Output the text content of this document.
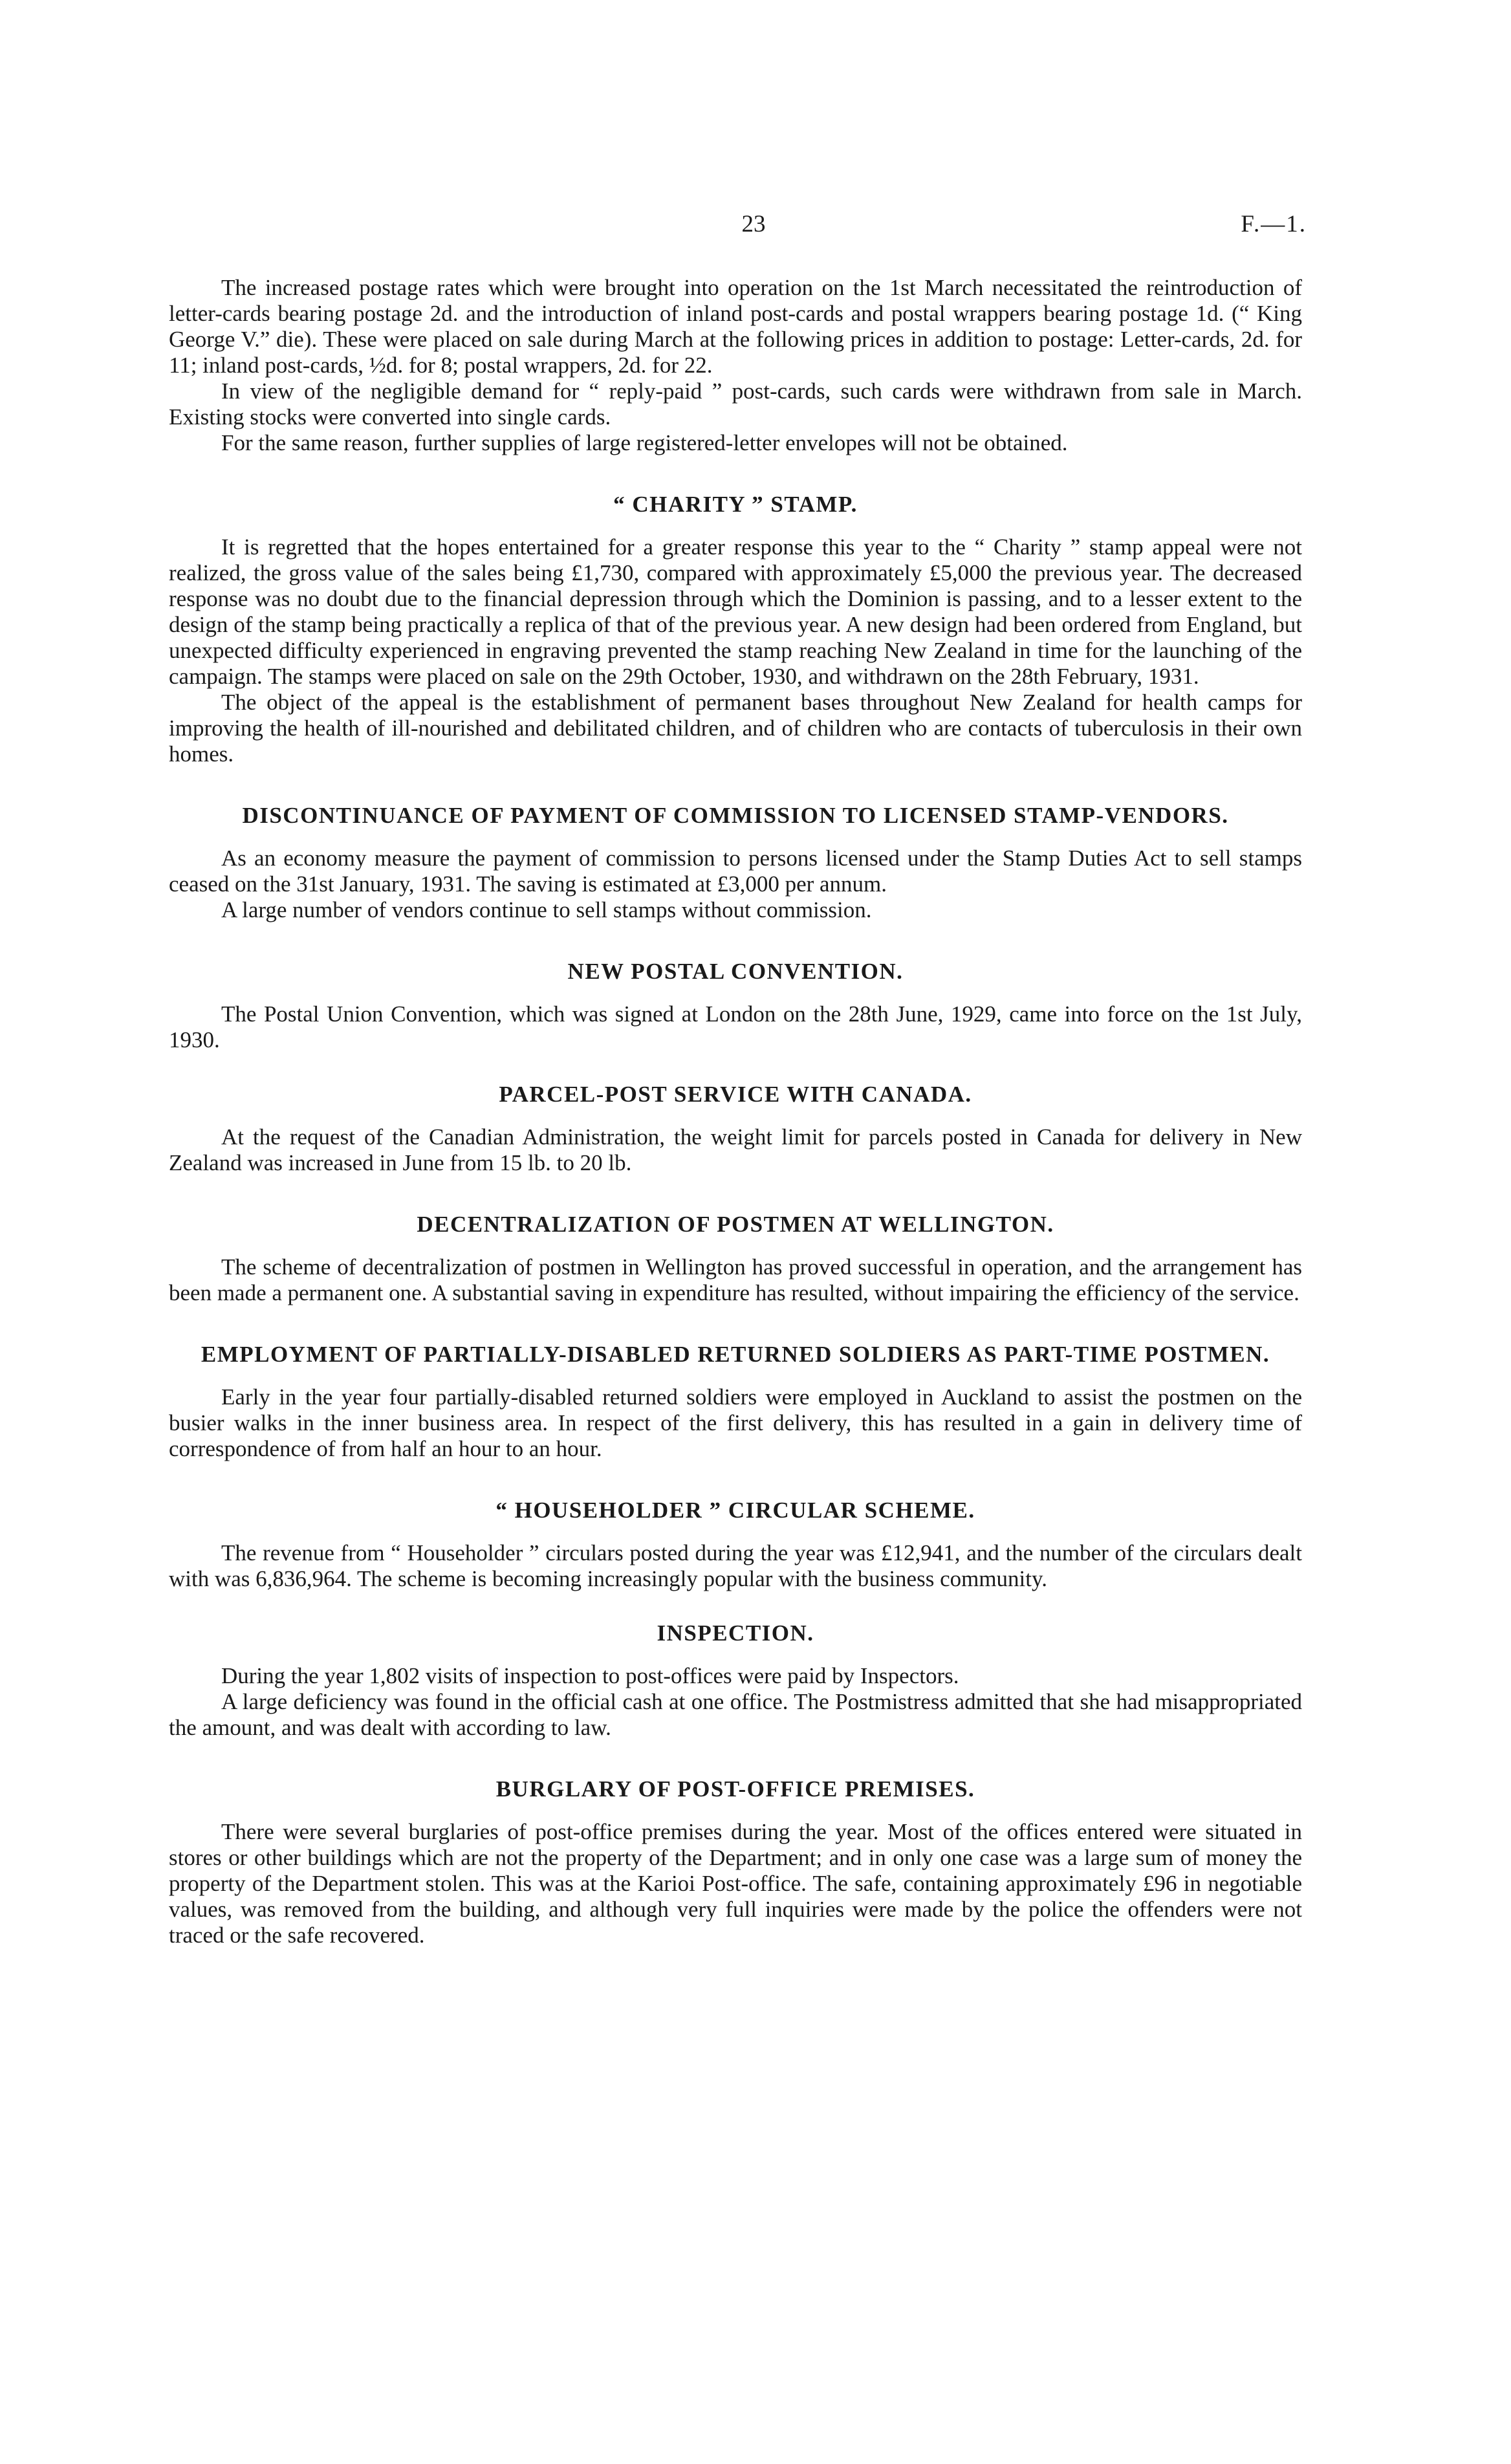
23	F.—1.

The increased postage rates which were brought into operation on the 1st March necessitated the reintroduction of letter-cards bearing postage 2d. and the introduction of inland post-cards and postal wrappers bearing postage 1d. (“ King George V.” die). These were placed on sale during March at the following prices in addition to postage: Letter-cards, 2d. for 11; inland post-cards, ½d. for 8; postal wrappers, 2d. for 22.

In view of the negligible demand for “ reply-paid ” post-cards, such cards were withdrawn from sale in March. Existing stocks were converted into single cards.

For the same reason, further supplies of large registered-letter envelopes will not be obtained.

“ CHARITY ” STAMP.

It is regretted that the hopes entertained for a greater response this year to the “ Charity ” stamp appeal were not realized, the gross value of the sales being £1,730, compared with approximately £5,000 the previous year. The decreased response was no doubt due to the financial depression through which the Dominion is passing, and to a lesser extent to the design of the stamp being practically a replica of that of the previous year. A new design had been ordered from England, but unexpected difficulty experienced in engraving prevented the stamp reaching New Zealand in time for the launching of the campaign. The stamps were placed on sale on the 29th October, 1930, and withdrawn on the 28th February, 1931.

The object of the appeal is the establishment of permanent bases throughout New Zealand for health camps for improving the health of ill-nourished and debilitated children, and of children who are contacts of tuberculosis in their own homes.

DISCONTINUANCE OF PAYMENT OF COMMISSION TO LICENSED STAMP-VENDORS.

As an economy measure the payment of commission to persons licensed under the Stamp Duties Act to sell stamps ceased on the 31st January, 1931. The saving is estimated at £3,000 per annum.

A large number of vendors continue to sell stamps without commission.

NEW POSTAL CONVENTION.

The Postal Union Convention, which was signed at London on the 28th June, 1929, came into force on the 1st July, 1930.

PARCEL-POST SERVICE WITH CANADA.

At the request of the Canadian Administration, the weight limit for parcels posted in Canada for delivery in New Zealand was increased in June from 15 lb. to 20 lb.

DECENTRALIZATION OF POSTMEN AT WELLINGTON.

The scheme of decentralization of postmen in Wellington has proved successful in operation, and the arrangement has been made a permanent one. A substantial saving in expenditure has resulted, without impairing the efficiency of the service.

EMPLOYMENT OF PARTIALLY-DISABLED RETURNED SOLDIERS AS PART-TIME POSTMEN.

Early in the year four partially-disabled returned soldiers were employed in Auckland to assist the postmen on the busier walks in the inner business area. In respect of the first delivery, this has resulted in a gain in delivery time of correspondence of from half an hour to an hour.

“ HOUSEHOLDER ” CIRCULAR SCHEME.

The revenue from “ Householder ” circulars posted during the year was £12,941, and the number of the circulars dealt with was 6,836,964. The scheme is becoming increasingly popular with the business community.

INSPECTION.

During the year 1,802 visits of inspection to post-offices were paid by Inspectors.

A large deficiency was found in the official cash at one office. The Postmistress admitted that she had misappropriated the amount, and was dealt with according to law.

BURGLARY OF POST-OFFICE PREMISES.

There were several burglaries of post-office premises during the year. Most of the offices entered were situated in stores or other buildings which are not the property of the Department; and in only one case was a large sum of money the property of the Department stolen. This was at the Karioi Post-office. The safe, containing approximately £96 in negotiable values, was removed from the building, and although very full inquiries were made by the police the offenders were not traced or the safe recovered.
